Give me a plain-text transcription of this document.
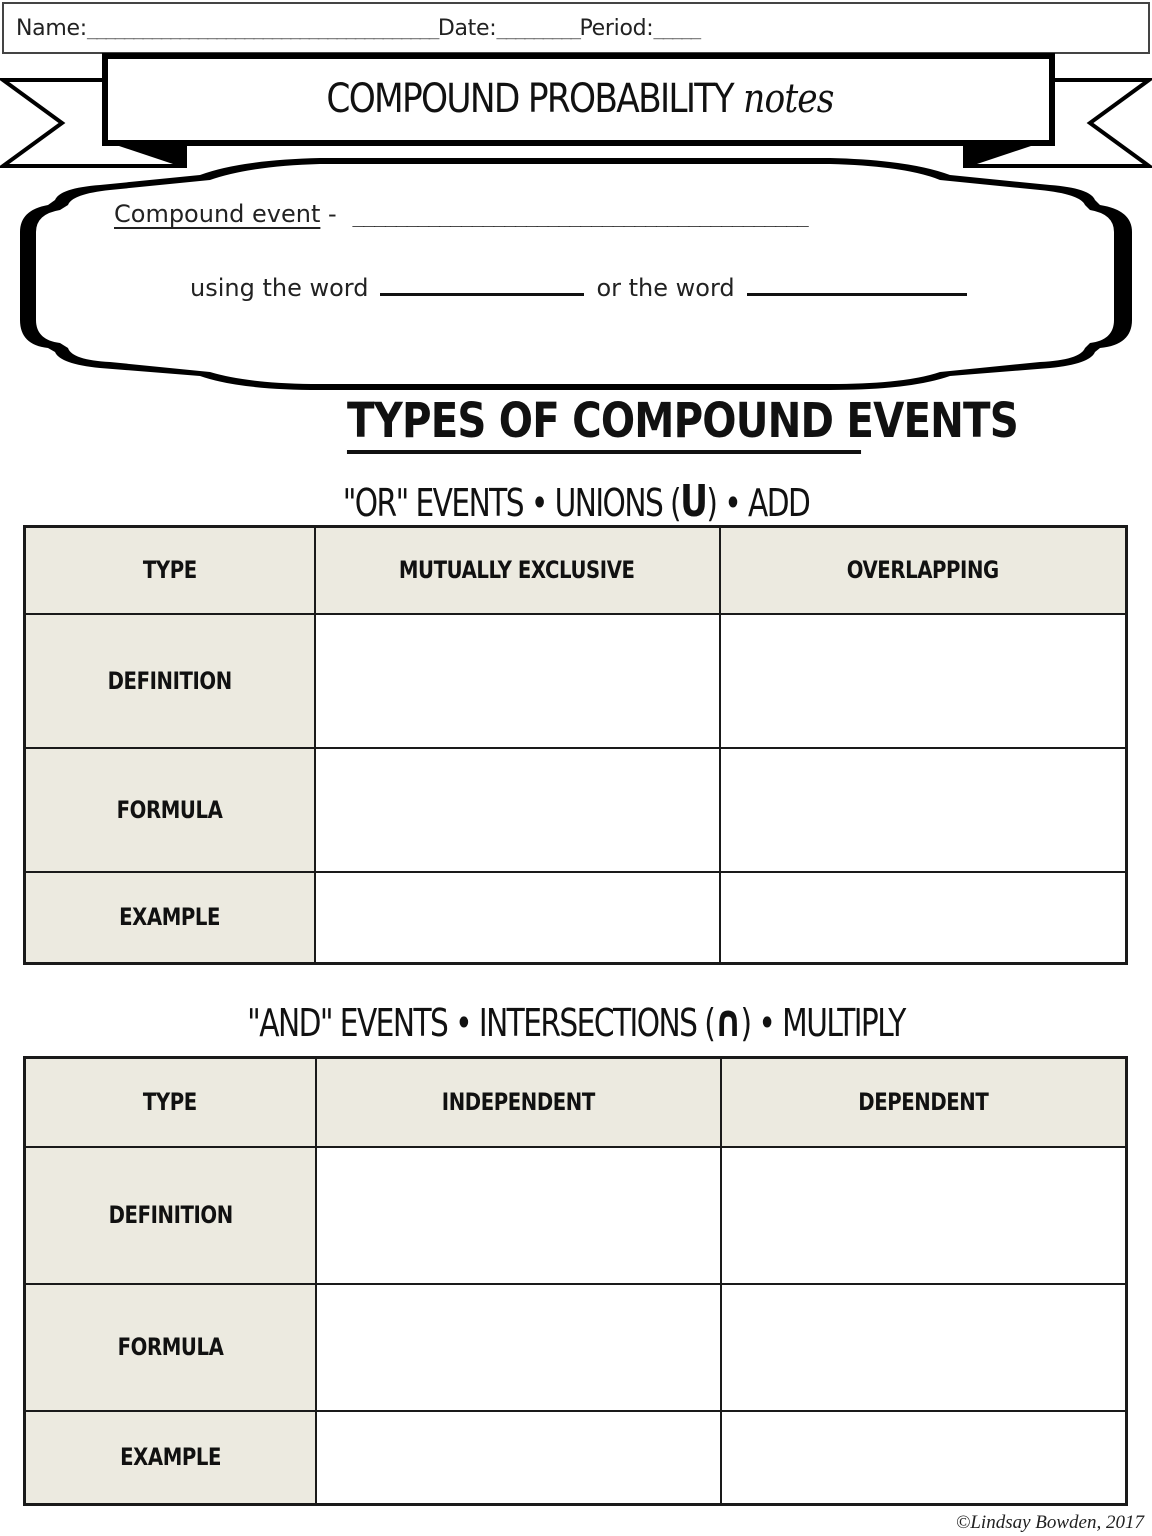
Name: ______________________________________ Date: _________ Period: _____
COMPOUND PROBABILITY notes
Compound event - __________________________________________
using the word	or the word
TYPES OF COMPOUND EVENTS
"OR" EVENTS • UNIONS (U) • ADD
TYPE	MUTUALLY EXCLUSIVE	OVERLAPPING
DEFINITION		
FORMULA		
EXAMPLE		
"AND" EVENTS • INTERSECTIONS (∩) • MULTIPLY
TYPE	INDEPENDENT	DEPENDENT
DEFINITION		
FORMULA		
EXAMPLE		
©Lindsay Bowden, 2017
